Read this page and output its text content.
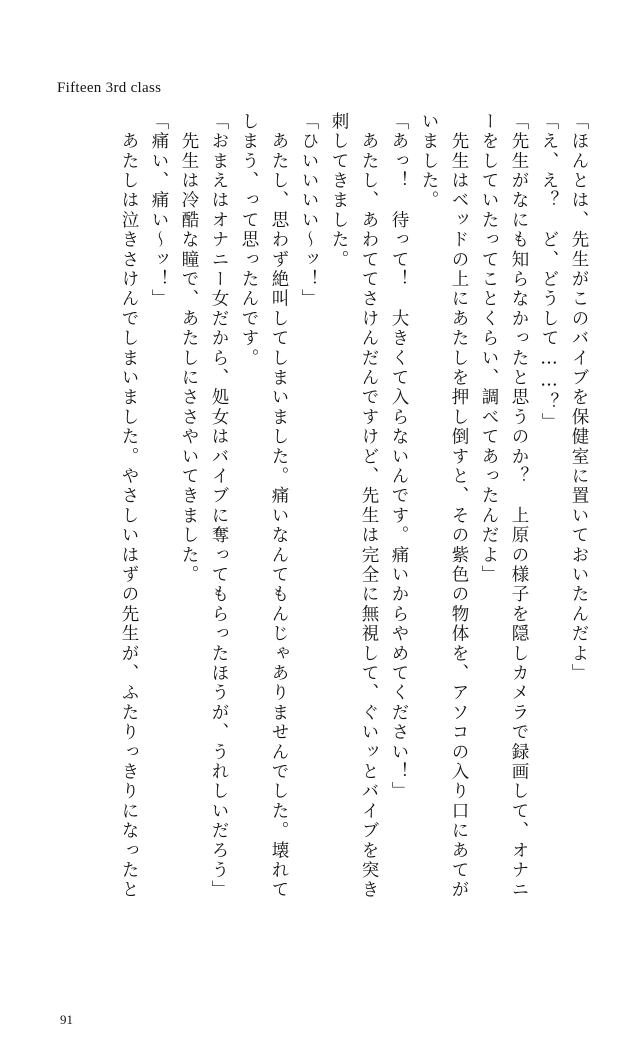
Fifteen 3rd class
「ほんとは、先生がこのバイブを保健室に置いておいたんだよ」
「え、え？　ど、どうして……？」
「先生がなにも知らなかったと思うのか？　上原の様子を隠しカメラで録画して、オナニ
ーをしていたってことくらい、調べてあったんだよ」
　先生はベッドの上にあたしを押し倒すと、その紫色の物体を、アソコの入り口にあてが
いました。
「あっ！　待って！　大きくて入らないんです。痛いからやめてください！」
　あたし、あわててさけんだんですけど、先生は完全に無視して、ぐいッとバイブを突き
刺してきました。
「ひいいいい～ッ！」
　あたし、思わず絶叫してしまいました。痛いなんてもんじゃありませんでした。壊れて
しまう、って思ったんです。
「おまえはオナニー女だから、処女はバイブに奪ってもらったほうが、うれしいだろう」
　先生は冷酷な瞳で、あたしにささやいてきました。
「痛い、痛い～ッ！」
　あたしは泣きさけんでしまいました。やさしいはずの先生が、ふたりっきりになったと
91
